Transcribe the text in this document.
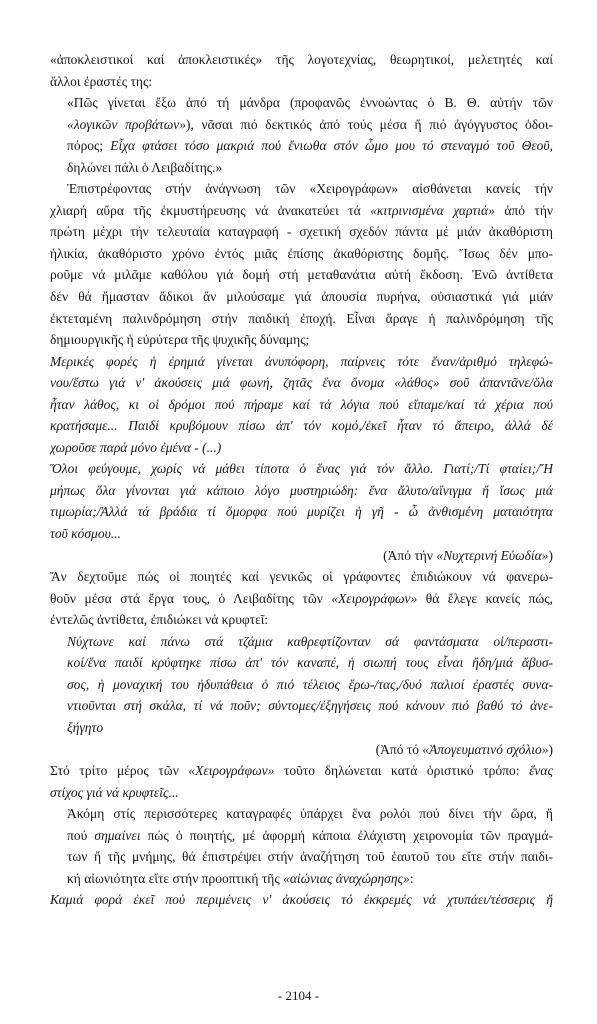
«ἀποκλειστικοί καί ἀποκλειστικές» τῆς λογοτεχνίας, θεωρητικοί, μελετητές καί
ἄλλοι ἐραστές της:
«Πῶς γίνεται ἔξω ἀπό τή μάνδρα (προφανῶς ἐννοώντας ὁ Β. Θ. αὐτήν τῶν
«λογικῶν προβάτων»), νᾶσαι πιό δεκτικός ἀπό τούς μέσα ἤ πιό ἀγόγγυστος ὁδοι-
πόρος; Εἶχα φτάσει τόσο μακριά πού ἔνιωθα στόν ὦμο μου τό στεναγμό τοῦ Θεοῦ,
δηλώνει πάλι ὁ Λειβαδίτης.»
Ἐπιστρέφοντας στήν ἀνάγνωση τῶν «Χειρογράφων» αἰσθάνεται κανείς τήν
χλιαρή αὔρα τῆς ἐκμυστήρευσης νά ἀνακατεύει τά «κιτρινισμένα χαρτιά» ἀπό τήν
πρώτη μέχρι τήν τελευταία καταγραφή - σχετική σχεδόν πάντα μέ μιάν ἀκαθόριστη
ἡλικία, ἀκαθόριστο χρόνο ἐντός μιᾶς ἐπίσης ἀκαθόριστης δομῆς. Ἴσως δέν μπο-
ροῦμε νά μιλᾶμε καθόλου γιά δομή στή μεταθανάτια αὐτή ἔκδοση. Ἐνῶ ἀντίθετα
δέν θά ἤμασταν ἄδικοι ἄν μιλούσαμε γιά ἀπουσία πυρήνα, οὐσιαστικά γιά μιάν
ἐκτεταμένη παλινδρόμηση στήν παιδική ἐποχή. Εἶναι ἄραγε ἡ παλινδρόμηση τῆς
δημιουργικῆς ἡ εὐρύτερα τῆς ψυχικῆς δύναμης;
Μερικές φορές ἡ ἐρημιά γίνεται ἀνυπόφορη, παίρνεις τότε ἕναν/ἀριθμό τηλεφώ-
νου/ἔστω γιά ν' ἀκούσεις μιά φωνή, ζητᾶς ἕνα ὄνομα «λάθος» σοῦ ἀπαντᾶνε/ὅλα
ἦταν λάθος, κι οἱ δρόμοι πού πήραμε καί τά λόγια πού εἴπαμε/καί τά χέρια πού
κρατήσαμε... Παιδί κρυβόμουν πίσω ἀπ' τόν κομό,/ἐκεῖ ἦταν τό ἄπειρο, ἀλλά δέ
χωροῦσε παρά μόνο ἐμένα - (...)
Ὅλοι φεύγουμε, χωρίς νά μάθει τίποτα ὁ ἕνας γιά τόν ἄλλο. Γιατί;/Τί φταίει;/Ἤ
μήπως ὅλα γίνονται γιά κάποιο λόγο μυστηριώδη: ἕνα ἄλυτο/αἴνιγμα ἤ ἴσως μιά
τιμωρία;/Ἀλλά τά βράδια τί ὄμορφα πού μυρίζει ἡ γῆ - ὦ ἀνθισμένη ματαιότητα
τοῦ κόσμου...
(Ἀπό τήν «Νυχτερινή Εὐωδία»)
Ἄν δεχτοῦμε πώς οἱ ποιητές καί γενικῶς οἱ γράφοντες ἐπιδιώκουν νά φανερω-
θοῦν μέσα στά ἔργα τους, ὁ Λειβαδίτης τῶν «Χειρογράφων» θά ἔλεγε κανείς πώς,
ἐντελῶς ἀντίθετα, ἐπιδιώκει νά κρυφτεῖ:
Νύχτωνε καί πάνω στά τζάμια καθρεφτίζονταν σά φαντάσματα οἱ/περαστι-
κοί/ἕνα παιδί κρύφτηκε πίσω ἀπ' τόν καναπέ, ἡ σιωπή τους εἶναι ἤδη/μιά ἄβυσ-
σος, ἡ μοναχική του ἠδυπάθεια ὁ πιό τέλειος ἔρω-/τας,/δυό παλιοί ἐραστές συνα-
ντιοῦνται στή σκάλα, τί νά ποῦν; σύντομες/ἐξηγήσεις πού κάνουν πιό βαθύ τό ἀνε-
ξήγητο
(Ἀπό τό «Ἀπογευματινό σχόλιο»)
Στό τρίτο μέρος τῶν «Χειρογράφων» τοῦτο δηλώνεται κατά ὁριστικό τρόπο: ἕνας
στίχος γιά νά κρυφτεῖς...
Ἀκόμη στίς περισσότερες καταγραφές ὑπάρχει ἕνα ρολόι πού δίνει τήν ὥρα, ἤ
πού σημαίνει πώς ὁ ποιητής, μέ ἀφορμή κάποια ἐλάχιστη χειρονομία τῶν πραγμά-
των ἤ τῆς μνήμης, θά ἐπιστρέψει στήν ἀναζήτηση τοῦ ἑαυτοῦ του εἴτε στήν παιδι-
κή αἰωνιότητα εἴτε στήν προοπτική τῆς «αἰώνιας ἀναχώρησης»:
Καμιά φορά ἐκεῖ πού περιμένεις ν' ἀκούσεις τό ἐκκρεμές νά χτυπάει/τέσσερις ἤ
- 2104 -
